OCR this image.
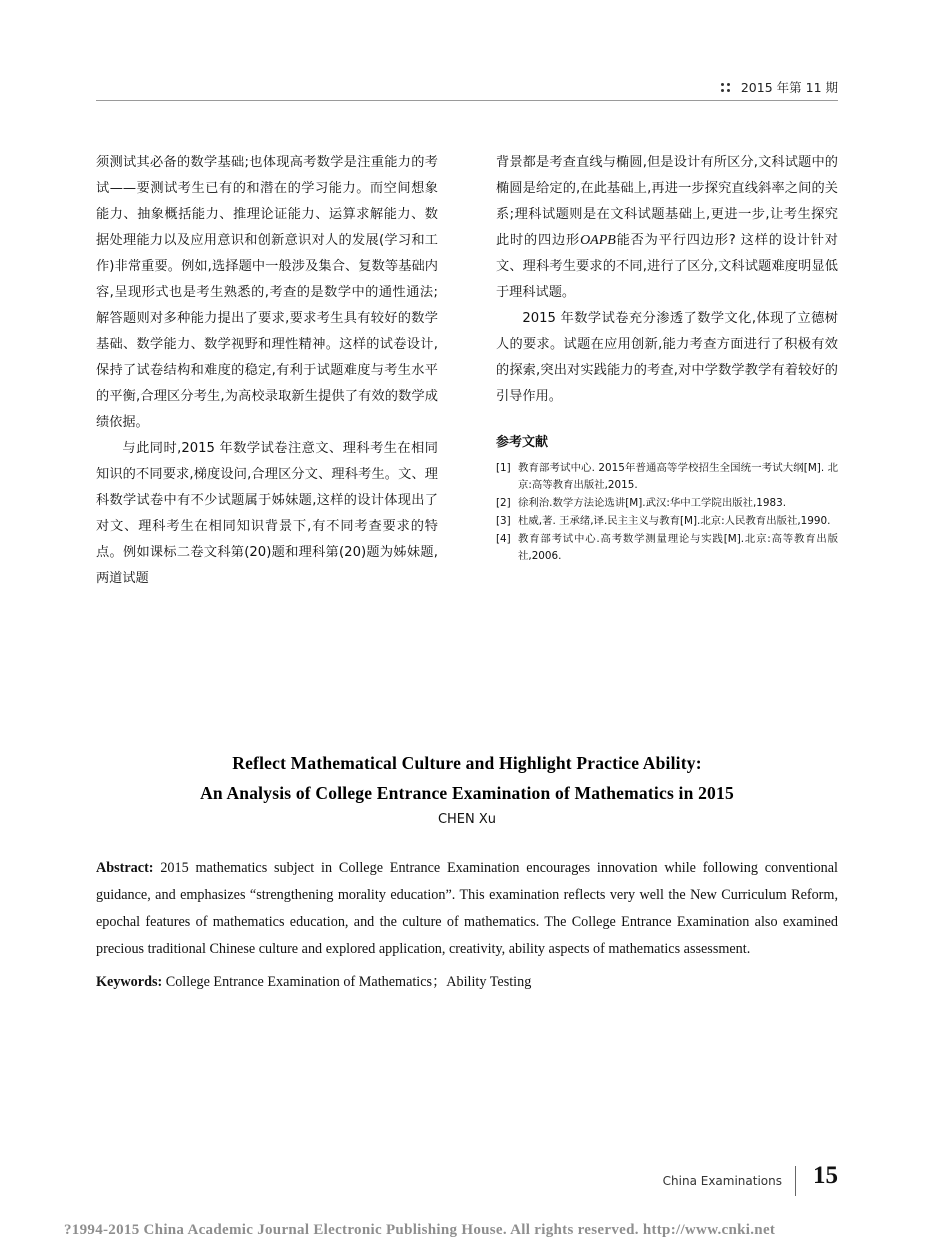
2015 年第 11 期

须测试其必备的数学基础;也体现高考数学是注重能力的考试——要测试考生已有的和潜在的学习能力。而空间想象能力、抽象概括能力、推理论证能力、运算求解能力、数据处理能力以及应用意识和创新意识对人的发展(学习和工作)非常重要。例如,选择题中一般涉及集合、复数等基础内容,呈现形式也是考生熟悉的,考查的是数学中的通性通法;解答题则对多种能力提出了要求,要求考生具有较好的数学基础、数学能力、数学视野和理性精神。这样的试卷设计,保持了试卷结构和难度的稳定,有利于试题难度与考生水平的平衡,合理区分考生,为高校录取新生提供了有效的数学成绩依据。

与此同时,2015 年数学试卷注意文、理科考生在相同知识的不同要求,梯度设问,合理区分文、理科考生。文、理科数学试卷中有不少试题属于姊妹题,这样的设计体现出了对文、理科考生在相同知识背景下,有不同考查要求的特点。例如课标二卷文科第(20)题和理科第(20)题为姊妹题,两道试题

背景都是考查直线与椭圆,但是设计有所区分,文科试题中的椭圆是给定的,在此基础上,再进一步探究直线斜率之间的关系;理科试题则是在文科试题基础上,更进一步,让考生探究此时的四边形OAPB能否为平行四边形? 这样的设计针对文、理科考生要求的不同,进行了区分,文科试题难度明显低于理科试题。

2015 年数学试卷充分渗透了数学文化,体现了立德树人的要求。试题在应用创新,能力考查方面进行了积极有效的探索,突出对实践能力的考查,对中学数学教学有着较好的引导作用。

参考文献
[1] 教育部考试中心. 2015年普通高等学校招生全国统一考试大纲[M]. 北京:高等教育出版社,2015.
[2] 徐利治.数学方法论选讲[M].武汉:华中工学院出版社,1983.
[3] 杜威,著. 王承绪,译.民主主义与教育[M].北京:人民教育出版社,1990.
[4] 教育部考试中心.高考数学测量理论与实践[M].北京:高等教育出版社,2006.
Reflect Mathematical Culture and Highlight Practice Ability:
An Analysis of College Entrance Examination of Mathematics in 2015
CHEN Xu
Abstract: 2015 mathematics subject in College Entrance Examination encourages innovation while following conventional guidance, and emphasizes “strengthening morality education”. This examination reflects very well the New Curriculum Reform, epochal features of mathematics education, and the culture of mathematics. The College Entrance Examination also examined precious traditional Chinese culture and explored application, creativity, ability aspects of mathematics assessment.
Keywords: College Entrance Examination of Mathematics；Ability Testing
China Examinations 15
?1994-2015 China Academic Journal Electronic Publishing House. All rights reserved. http://www.cnki.net
